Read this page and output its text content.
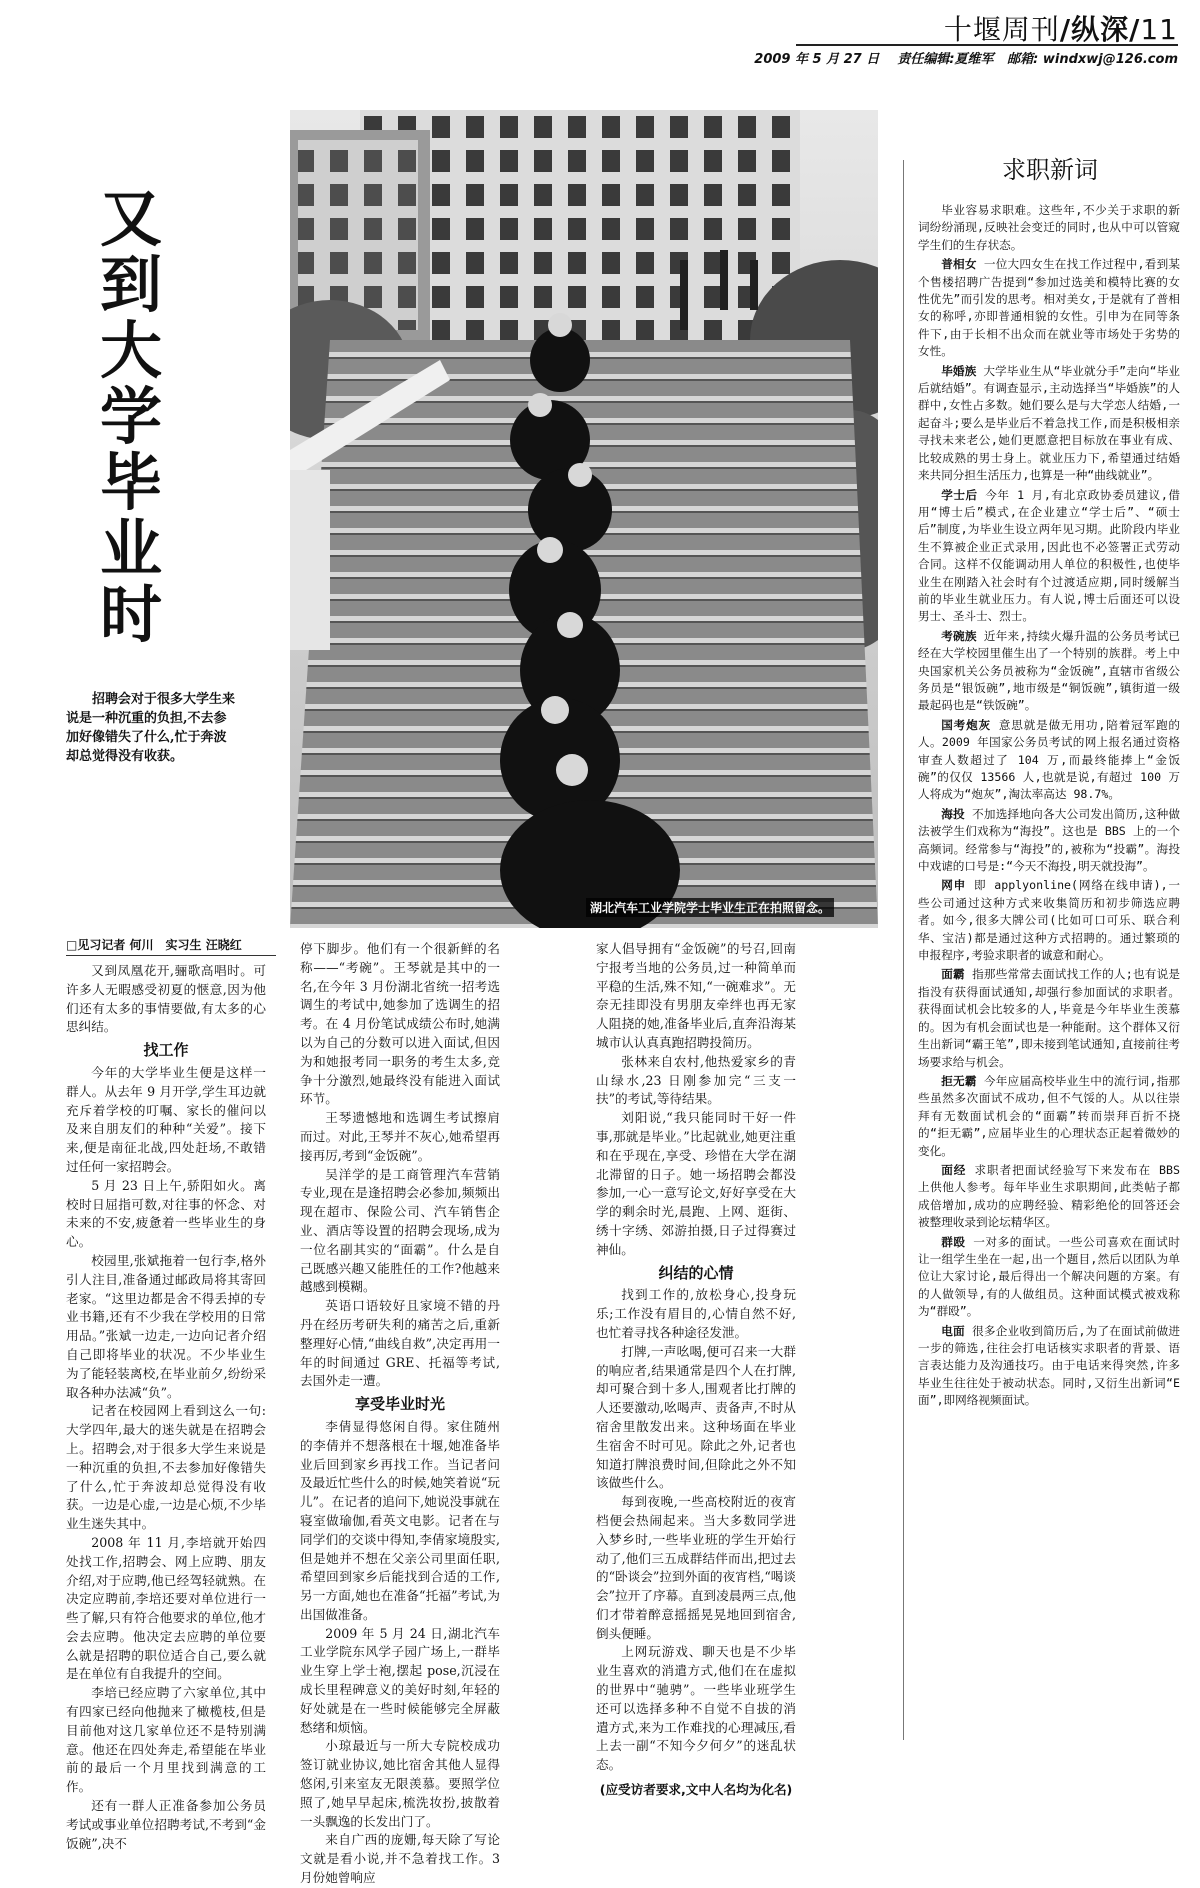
十堰周刊/纵深/11
2009 年 5 月 27 日 责任编辑:夏维军 邮箱: windxwj@126.com
又到大学毕业时
招聘会对于很多大学生来说是一种沉重的负担,不去参加好像错失了什么,忙于奔波却总觉得没有收获。
湖北汽车工业学院学士毕业生正在拍照留念。
求职新词

毕业容易求职难。这些年,不少关于求职的新词纷纷涌现,反映社会变迁的同时,也从中可以管窥学生们的生存状态。

普相女 一位大四女生在找工作过程中,看到某个售楼招聘广告提到“参加过选美和模特比赛的女性优先”而引发的思考。相对美女,于是就有了普相女的称呼,亦即普通相貌的女性。引申为在同等条件下,由于长相不出众而在就业等市场处于劣势的女性。

毕婚族 大学毕业生从“毕业就分手”走向“毕业后就结婚”。有调查显示,主动选择当“毕婚族”的人群中,女性占多数。她们要么是与大学恋人结婚,一起奋斗;要么是毕业后不着急找工作,而是积极相亲寻找未来老公,她们更愿意把目标放在事业有成、比较成熟的男士身上。就业压力下,希望通过结婚来共同分担生活压力,也算是一种“曲线就业”。

学士后 今年 1 月,有北京政协委员建议,借用“博士后”模式,在企业建立“学士后”、“硕士后”制度,为毕业生设立两年见习期。此阶段内毕业生不算被企业正式录用,因此也不必签署正式劳动合同。这样不仅能调动用人单位的积极性,也使毕业生在刚踏入社会时有个过渡适应期,同时缓解当前的毕业生就业压力。有人说,博士后面还可以设男士、圣斗士、烈士。

考碗族 近年来,持续火爆升温的公务员考试已经在大学校园里催生出了一个特别的族群。考上中央国家机关公务员被称为“金饭碗”,直辖市省级公务员是“银饭碗”,地市级是“铜饭碗”,镇街道一级最起码也是“铁饭碗”。

国考炮灰 意思就是做无用功,陪着冠军跑的人。2009 年国家公务员考试的网上报名通过资格审查人数超过了 104 万,而最终能捧上“金饭碗”的仅仅 13566 人,也就是说,有超过 100 万人将成为“炮灰”,淘汰率高达 98.7%。

海投 不加选择地向各大公司发出简历,这种做法被学生们戏称为“海投”。这也是 BBS 上的一个高频词。经常参与“海投”的,被称为“投霸”。海投中戏谑的口号是:“今天不海投,明天就投海”。

网申 即 applyonline(网络在线申请),一些公司通过这种方式来收集简历和初步筛选应聘者。如今,很多大牌公司(比如可口可乐、联合利华、宝洁)都是通过这种方式招聘的。通过繁琐的申报程序,考验求职者的诚意和耐心。

面霸 指那些常常去面试找工作的人;也有说是指没有获得面试通知,却强行参加面试的求职者。获得面试机会比较多的人,毕竟是今年毕业生羡慕的。因为有机会面试也是一种能耐。这个群体又衍生出新词“霸王笔”,即未接到笔试通知,直接前往考场要求给与机会。

拒无霸 今年应届高校毕业生中的流行词,指那些虽然多次面试不成功,但不气馁的人。从以往崇拜有无数面试机会的“面霸”转而崇拜百折不挠的“拒无霸”,应届毕业生的心理状态正起着微妙的变化。

面经 求职者把面试经验写下来发布在 BBS 上供他人参考。每年毕业生求职期间,此类帖子都成倍增加,成功的应聘经验、精彩绝伦的回答还会被整理收录到论坛精华区。

群殴 一对多的面试。一些公司喜欢在面试时让一组学生坐在一起,出一个题目,然后以团队为单位让大家讨论,最后得出一个解决问题的方案。有的人做领导,有的人做组员。这种面试模式被戏称为“群殴”。

电面 很多企业收到简历后,为了在面试前做进一步的筛选,往往会打电话核实求职者的背景、语言表达能力及沟通技巧。由于电话来得突然,许多毕业生往往处于被动状态。同时,又衍生出新词“E面”,即网络视频面试。

□见习记者 何川　实习生 汪晓红

又到凤凰花开,骊歌高唱时。可许多人无暇感受初夏的惬意,因为他们还有太多的事情要做,有太多的心思纠结。

找工作

今年的大学毕业生便是这样一群人。从去年 9 月开学,学生耳边就充斥着学校的叮嘱、家长的催问以及来自朋友们的种种“关爱”。接下来,便是南征北战,四处赶场,不敢错过任何一家招聘会。

5 月 23 日上午,骄阳如火。离校时日屈指可数,对往事的怀念、对未来的不安,疲惫着一些毕业生的身心。

校园里,张斌拖着一包行李,格外引人注目,准备通过邮政局将其寄回老家。“这里边都是舍不得丢掉的专业书籍,还有不少我在学校用的日常用品。”张斌一边走,一边向记者介绍自己即将毕业的状况。不少毕业生为了能轻装离校,在毕业前夕,纷纷采取各种办法减“负”。

记者在校园网上看到这么一句:大学四年,最大的迷失就是在招聘会上。招聘会,对于很多大学生来说是一种沉重的负担,不去参加好像错失了什么,忙于奔波却总觉得没有收获。一边是心虚,一边是心烦,不少毕业生迷失其中。

2008 年 11 月,李培就开始四处找工作,招聘会、网上应聘、朋友介绍,对于应聘,他已经驾轻就熟。在决定应聘前,李培还要对单位进行一些了解,只有符合他要求的单位,他才会去应聘。他决定去应聘的单位要么就是招聘的职位适合自己,要么就是在单位有自我提升的空间。

李培已经应聘了六家单位,其中有四家已经向他抛来了橄榄枝,但是目前他对这几家单位还不是特别满意。他还在四处奔走,希望能在毕业前的最后一个月里找到满意的工作。

还有一群人正准备参加公务员考试或事业单位招聘考试,不考到“金饭碗”,决不

停下脚步。他们有一个很新鲜的名称——“考碗”。王琴就是其中的一名,在今年 3 月份湖北省统一招考选调生的考试中,她参加了选调生的招考。在 4 月份笔试成绩公布时,她满以为自己的分数可以进入面试,但因为和她报考同一职务的考生太多,竞争十分激烈,她最终没有能进入面试环节。

王琴遗憾地和选调生考试擦肩而过。对此,王琴并不灰心,她希望再接再厉,考到“金饭碗”。

吴洋学的是工商管理汽车营销专业,现在是逢招聘会必参加,频频出现在超市、保险公司、汽车销售企业、酒店等设置的招聘会现场,成为一位名副其实的“面霸”。什么是自己既感兴趣又能胜任的工作?他越来越感到模糊。

英语口语较好且家境不错的丹丹在经历考研失利的痛苦之后,重新整理好心情,“曲线自救”,决定再用一年的时间通过 GRE、托福等考试,去国外走一遭。

享受毕业时光

李倩显得悠闲自得。家住随州的李倩并不想落根在十堰,她准备毕业后回到家乡再找工作。当记者问及最近忙些什么的时候,她笑着说“玩儿”。在记者的追问下,她说没事就在寝室做瑜伽,看英文电影。记者在与同学们的交谈中得知,李倩家境殷实,但是她并不想在父亲公司里面任职,希望回到家乡后能找到合适的工作,另一方面,她也在准备“托福”考试,为出国做准备。

2009 年 5 月 24 日,湖北汽车工业学院东风学子园广场上,一群毕业生穿上学士袍,摆起 pose,沉浸在成长里程碑意义的美好时刻,年轻的好处就是在一些时候能够完全屏蔽愁绪和烦恼。

小琼最近与一所大专院校成功签订就业协议,她比宿舍其他人显得悠闲,引来室友无限羡慕。要照学位照了,她早早起床,梳洗妆扮,披散着一头飘逸的长发出门了。

来自广西的庞姗,每天除了写论文就是看小说,并不急着找工作。3 月份她曾响应

家人倡导拥有“金饭碗”的号召,回南宁报考当地的公务员,过一种简单而平稳的生活,殊不知,“一碗难求”。无奈无挂即没有男朋友牵绊也再无家人阻挠的她,准备毕业后,直奔沿海某城市认认真真跑招聘投简历。

张林来自农村,他热爱家乡的青山绿水,23 日刚参加完“三支一扶”的考试,等待结果。

刘阳说,“我只能同时干好一件事,那就是毕业。”比起就业,她更注重和在乎现在,享受、珍惜在大学在湖北滞留的日子。她一场招聘会都没参加,一心一意写论文,好好享受在大学的剩余时光,晨跑、上网、逛街、绣十字绣、郊游拍摄,日子过得赛过神仙。

纠结的心情

找到工作的,放松身心,投身玩乐;工作没有眉目的,心情自然不好,也忙着寻找各种途径发泄。

打牌,一声吆喝,便可召来一大群的响应者,结果通常是四个人在打牌,却可聚合到十多人,围观者比打牌的人还要激动,吆喝声、责备声,不时从宿舍里散发出来。这种场面在毕业生宿舍不时可见。除此之外,记者也知道打牌浪费时间,但除此之外不知该做些什么。

每到夜晚,一些高校附近的夜宵档便会热闹起来。当大多数同学进入梦乡时,一些毕业班的学生开始行动了,他们三五成群结伴而出,把过去的“卧谈会”拉到外面的夜宵档,“喝谈会”拉开了序幕。直到凌晨两三点,他们才带着醉意摇摇晃晃地回到宿舍,倒头便睡。

上网玩游戏、聊天也是不少毕业生喜欢的消遣方式,他们在在虚拟的世界中“驰骋”。一些毕业班学生还可以选择多种不自觉不自拔的消遣方式,来为工作难找的心理减压,看上去一副“不知今夕何夕”的迷乱状态。

(应受访者要求,文中人名均为化名)
